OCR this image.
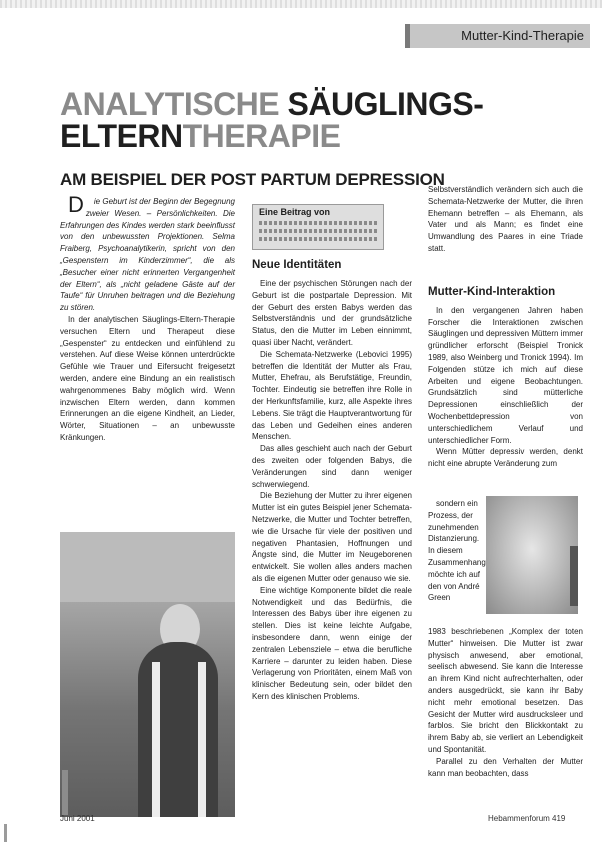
Mutter-Kind-Therapie
ANALYTISCHE SÄUGLINGS-
ELTERNTHERAPIE
AM BEISPIEL DER POST PARTUM DEPRESSION

Die Geburt ist der Beginn der Begegnung zweier Wesen. – Persönlichkeiten. Die Erfahrungen des Kindes werden stark beeinflusst von den unbewussten Projektionen. Selma Fraiberg, Psychoanalytikerin, spricht von den „Gespenstern im Kinderzimmer“, die als „Besucher einer nicht erinnerten Vergangenheit der Eltern“, als „nicht geladene Gäste auf der Taufe“ für Unruhen beitragen und die Beziehung zu stören.

In der analytischen Säuglings-Eltern-Therapie versuchen Eltern und Therapeut diese „Gespenster“ zu entdecken und einfühlend zu verstehen. Auf diese Weise können unterdrückte Gefühle wie Trauer und Eifersucht freigesetzt werden, andere eine Bindung an ein realistisch wahrgenommenes Baby möglich wird. Wenn inzwischen Eltern werden, dann kommen Erinnerungen an die eigene Kindheit, an Lieder, Wörter, Situationen – an unbewusste Kränkungen.

Eine Beitrag von
Neue Identitäten

Eine der psychischen Störungen nach der Geburt ist die postpartale Depression. Mit der Geburt des ersten Babys werden das Selbstverständnis und der grundsätzliche Status, den die Mutter im Leben einnimmt, quasi über Nacht, verändert.

Die Schemata-Netzwerke (Lebovici 1995) betreffen die Identität der Mutter als Frau, Mutter, Ehefrau, als Berufstätige, Freundin, Tochter. Eindeutig sie betreffen ihre Rolle in der Herkunftsfamilie, kurz, alle Aspekte ihres Lebens. Sie trägt die Hauptverantwortung für das Leben und Gedeihen eines anderen Menschen.

Das alles geschieht auch nach der Geburt des zweiten oder folgenden Babys, die Veränderungen sind dann weniger schwerwiegend.

Die Beziehung der Mutter zu ihrer eigenen Mutter ist ein gutes Beispiel jener Schemata-Netzwerke, die Mutter und Tochter betreffen, wie die Ursache für viele der positiven und negativen Phantasien, Hoffnungen und Ängste sind, die Mutter im Neugeborenen entwickelt. Sie wollen alles anders machen als die eigenen Mutter oder genauso wie sie.

Eine wichtige Komponente bildet die reale Notwendigkeit und das Bedürfnis, die Interessen des Babys über ihre eigenen zu stellen. Dies ist keine leichte Aufgabe, insbesondere dann, wenn einige der zentralen Lebensziele – etwa die berufliche Karriere – darunter zu leiden haben. Diese Verlagerung von Prioritäten, einem Maß von klinischer Bedeutung sein, oder bildet den Kern des klinischen Problems.

Selbstverständlich verändern sich auch die Schemata-Netzwerke der Mutter, die ihren Ehemann betreffen – als Ehemann, als Vater und als Mann; es findet eine Umwandlung des Paares in eine Triade statt.

Mutter-Kind-Interaktion

In den vergangenen Jahren haben Forscher die Interaktionen zwischen Säuglingen und depressiven Müttern immer gründlicher erforscht (Beispiel Tronick 1989, also Weinberg und Tronick 1994). Im Folgenden stütze ich mich auf diese Arbeiten und eigene Beobachtungen. Grundsätzlich sind mütterliche Depressionen einschließlich der Wochenbettdepression von unterschiedlichem Verlauf und unterschiedlicher Form.

Wenn Mütter depressiv werden, denkt nicht eine abrupte Veränderung zum

sondern ein Prozess, der zunehmenden Distanzierung. In diesem Zusammenhang möchte ich auf den von André Green

1983 beschriebenen „Komplex der toten Mutter“ hinweisen. Die Mutter ist zwar physisch anwesend, aber emotional, seelisch abwesend. Sie kann die Interesse an ihrem Kind nicht aufrechterhalten, oder anders ausgedrückt, sie kann ihr Baby nicht mehr emotional besetzen. Das Gesicht der Mutter wird ausdrucksleer und farblos. Sie bricht den Blickkontakt zu ihrem Baby ab, sie verliert an Lebendigkeit und Spontanität.

Parallel zu den Verhalten der Mutter kann man beobachten, dass

Juni 2001	Hebammenforum 419
